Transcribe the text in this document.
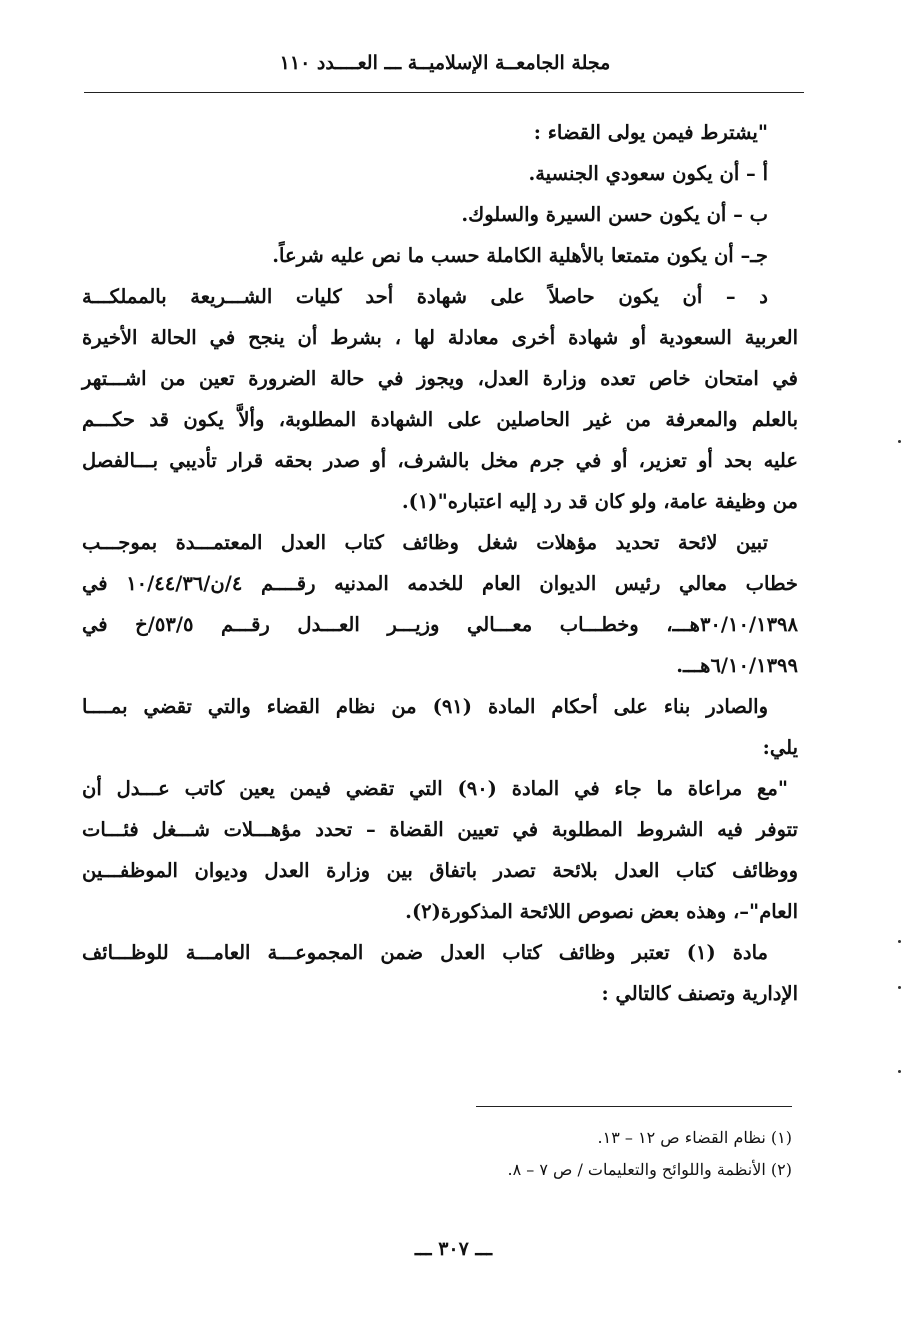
مجلة الجامعــة الإسلاميــة ـــ العــــدد ١١٠
"يشترط فيمن يولى القضاء :
أ – أن يكون سعودي الجنسية.
ب – أن يكون حسن السيرة والسلوك.
جـ– أن يكون متمتعا بالأهلية الكاملة حسب ما نص عليه شرعاً.
د – أن يكون حاصلاً على شهادة أحد كليات الشـــريعة بالمملكـــة
العربية السعودية أو شهادة أخرى معادلة لها ، بشرط أن ينجح في الحالة الأخيرة
في امتحان خاص تعده وزارة العدل، ويجوز في حالة الضرورة تعين من اشـــتهر
بالعلم والمعرفة من غير الحاصلين على الشهادة المطلوبة، وألاَّ يكون قد حكـــم
عليه بحد أو تعزير، أو في جرم مخل بالشرف، أو صدر بحقه قرار تأديبي بـــالفصل
من وظيفة عامة، ولو كان قد رد إليه اعتباره"(١).
تبين لائحة تحديد مؤهلات شغل وظائف كتاب العدل المعتمـــدة بموجـــب
خطاب معالي رئيس الديوان العام للخدمه المدنيه رقــــم ٤/ن/١٠/٤٤/٣٦ في
٣٠/١٠/١٣٩٨هـــ، وخطـــاب معـــالي وزيـــر العـــدل رقـــم ٥٣/٥/خ في
٦/١٠/١٣٩٩هـــ.
والصادر بناء على أحكام المادة (٩١) من نظام القضاء والتي تقضي بمــــا
يلي:
"مع مراعاة ما جاء في المادة (٩٠) التي تقضي فيمن يعين كاتب عـــدل أن
تتوفر فيه الشروط المطلوبة في تعيين القضاة – تحدد مؤهـــلات شـــغل فئـــات
ووظائف كتاب العدل بلائحة تصدر باتفاق بين وزارة العدل وديوان الموظفـــين
العام"–، وهذه بعض نصوص اللائحة المذكورة(٢).
مادة (١) تعتبر وظائف كتاب العدل ضمن المجموعـــة العامـــة للوظـــائف
الإدارية وتصنف كالتالي :
(١) نظام القضاء ص ١٢ – ١٣.
(٢) الأنظمة واللوائح والتعليمات / ص ٧ – ٨.
ـــ ٣٠٧ ـــ
